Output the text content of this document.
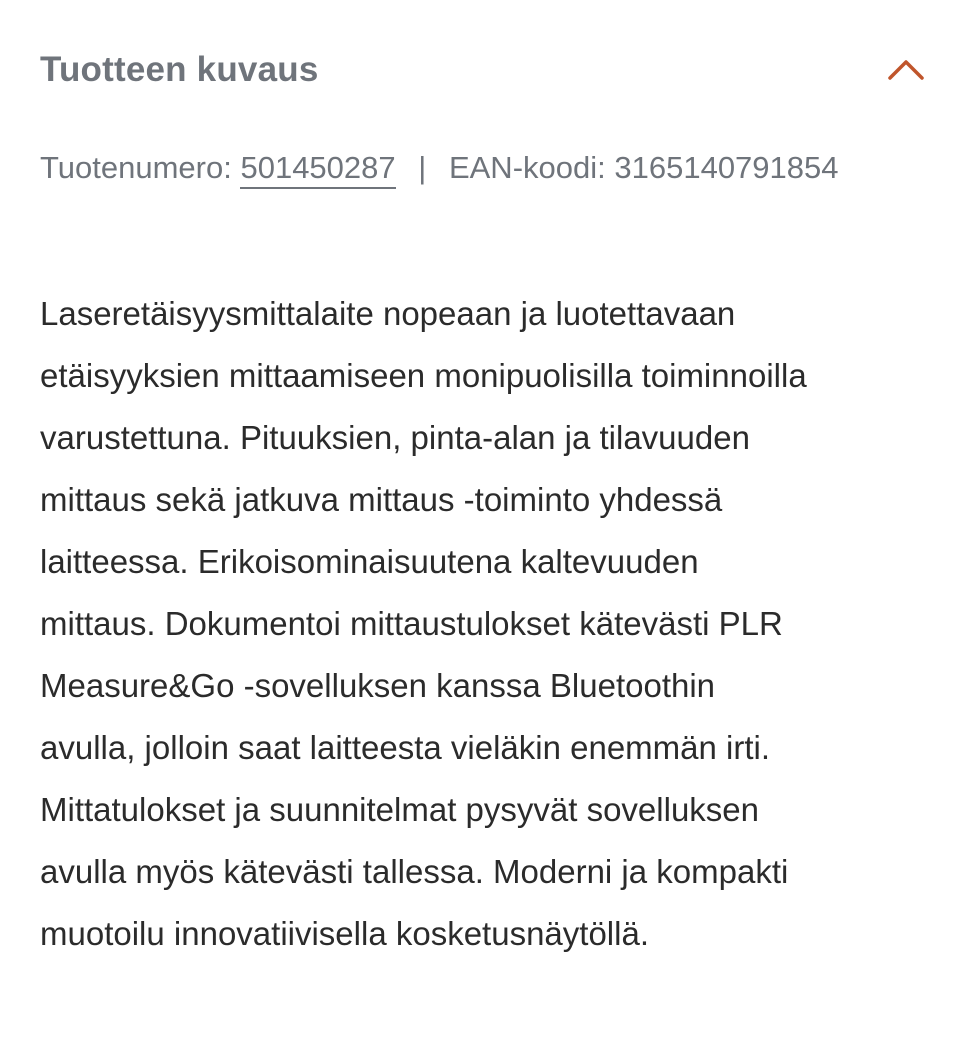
Tuotteen kuvaus
Tuotenumero: 501450287 | EAN-koodi: 3165140791854

Laseretäisyysmittalaite nopeaan ja luotettavaan
etäisyyksien mittaamiseen monipuolisilla toiminnoilla
varustettuna. Pituuksien, pinta-alan ja tilavuuden
mittaus sekä jatkuva mittaus -toiminto yhdessä
laitteessa. Erikoisominaisuutena kaltevuuden
mittaus. Dokumentoi mittaustulokset kätevästi PLR
Measure&Go -sovelluksen kanssa Bluetoothin
avulla, jolloin saat laitteesta vieläkin enemmän irti.
Mittatulokset ja suunnitelmat pysyvät sovelluksen
avulla myös kätevästi tallessa. Moderni ja kompakti
muotoilu innovatiivisella kosketusnäytöllä.
